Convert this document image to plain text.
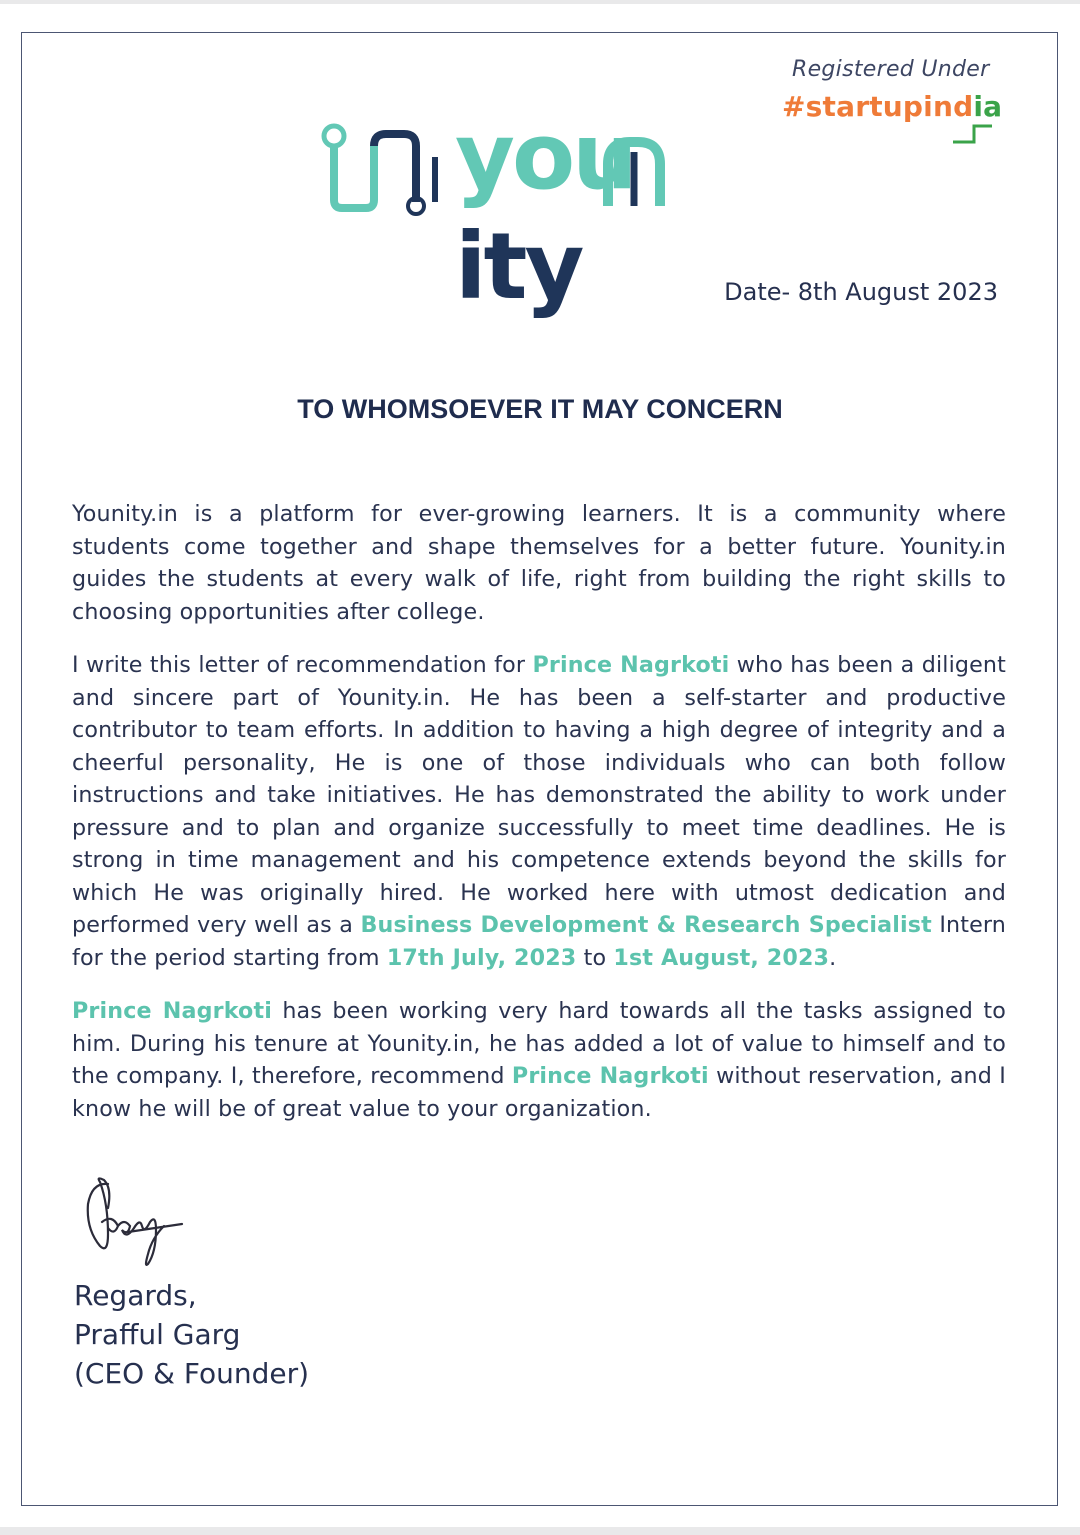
Registered Under
#startupindia
youity	Date- 8th August 2023
TO WHOMSOEVER IT MAY CONCERN

Younity.in is a platform for ever-growing learners. It is a community where students come together and shape themselves for a better future. Younity.in guides the students at every walk of life, right from building the right skills to choosing opportunities after college.

I write this letter of recommendation for Prince Nagrkoti who has been a diligent and sincere part of Younity.in. He has been a self-starter and productive contributor to team efforts. In addition to having a high degree of integrity and a cheerful personality, He is one of those individuals who can both follow instructions and take initiatives. He has demonstrated the ability to work under pressure and to plan and organize successfully to meet time deadlines. He is strong in time management and his competence extends beyond the skills for which He was originally hired. He worked here with utmost dedication and performed very well as a Business Development & Research Specialist Intern for the period starting from 17th July, 2023 to 1st August, 2023.

Prince Nagrkoti has been working very hard towards all the tasks assigned to him. During his tenure at Younity.in, he has added a lot of value to himself and to the company. I, therefore, recommend Prince Nagrkoti without reservation, and I know he will be of great value to your organization.

Regards,
Prafful Garg
(CEO & Founder)
